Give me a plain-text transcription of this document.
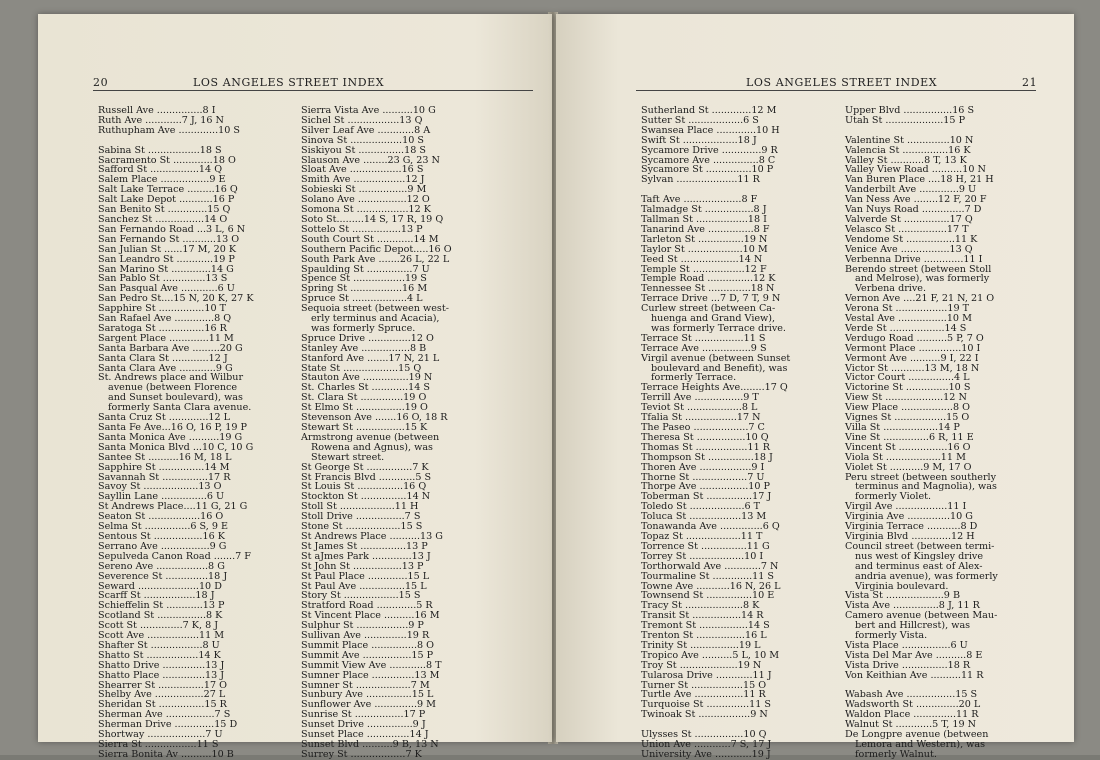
20	LOS ANGELES STREET INDEX
Russell Ave ...............8 I
Ruth Ave ............7 J, 16 N
Ruthupham Ave .............10 S
Sabina St .................18 S
Sacramento St .............18 O
Safford St ................14 Q
Salem Place ................9 E
Salt Lake Terrace .........16 Q
Salt Lake Depot ...........16 P
San Benito St .............15 Q
Sanchez St ................14 O
San Fernando Road ...3 L, 6 N
San Fernando St ...........13 O
San Julian St ......17 M, 20 K
San Leandro St ............19 P
San Marino St .............14 G
San Pablo St ..............13 S
San Pasqual Ave ............6 U
San Pedro St....15 N, 20 K, 27 K
Sapphire St ...............10 T
San Rafael Ave .............8 Q
Saratoga St ...............16 R
Sargent Place .............11 M
Santa Barbara Ave .........20 G
Santa Clara St ............12 J
Santa Clara Ave ............9 G
St. Andrews place and Wilbur
avenue (between Florence
and Sunset boulevard), was
formerly Santa Clara avenue.
Santa Cruz St .............12 L
Santa Fe Ave...16 O, 16 P, 19 P
Santa Monica Ave ..........19 G
Santa Monica Blvd ...10 C, 10 G
Santee St ..........16 M, 18 L
Sapphire St ...............14 M
Savannah St ...............17 R
Savoy St ..................13 O
Sayllin Lane ...............6 U
St Andrews Place....11 G, 21 G
Seaton St .................16 O
Selma St ...............6 S, 9 E
Sentous St ................16 K
Serrano Ave ................9 G
Sepulveda Canon Road .......7 F
Sereno Ave .................8 G
Severence St ..............18 J
Seward ....................10 D
Scarff St .................18 J
Schieffelin St ............13 P
Scotland St ................8 K
Scott St ..............7 K, 8 J
Scott Ave .................11 M
Shafter St .................8 U
Shatto St .................14 K
Shatto Drive ..............13 J
Shatto Place ..............13 J
Shearrer St ...............17 O
Shelby Ave ................27 L
Sheridan St ...............15 R
Sherman Ave ................7 S
Sherman Drive .............15 D
Shortway ...................7 U
Sierra St .................11 S
Sierra Bonita Av ..........10 B
Sierra Vista Ave ..........10 G
Sichel St .................13 Q
Silver Leaf Ave ............8 A
Sinova St .................10 S
Siskiyou St ...............18 S
Slauson Ave ........23 G, 23 N
Sloat Ave .................16 S
Smith Ave .................12 J
Sobieski St ................9 M
Solano Ave ................12 O
Somona St .................12 K
Soto St.........14 S, 17 R, 19 Q
Sottelo St ................13 P
South Court St ............14 M
Southern Pacific Depot.....16 O
South Park Ave .......26 L, 22 L
Spaulding St ...............7 U
Spence St .................19 S
Spring St .................16 M
Spruce St ..................4 L
Sequoia street (between west-
erly terminus and Acacia),
was formerly Spruce.
Spruce Drive ..............12 O
Stanley Ave ................8 B
Stanford Ave .......17 N, 21 L
State St ..................15 Q
Stauton Ave ...............19 N
St. Charles St ............14 S
St. Clara St ..............19 O
St Elmo St ................19 O
Stevenson Ave .......16 O, 18 R
Stewart St ................15 K
Armstrong avenue (between
Rowena and Agnus), was
Stewart street.
St George St ...............7 K
St Francis Blvd ............5 S
St Louis St ...............16 Q
Stockton St ...............14 N
Stoll St ..................11 H
Stoll Drive ................7 S
Stone St ..................15 S
St Andrews Place ..........13 G
St James St ...............13 P
St aJmes Park .............13 J
St John St ................13 P
St Paul Place .............15 L
St Paul Ave ...............15 L
Story St ..................15 S
Stratford Road .............5 R
St Vincent Place ..........16 M
Sulphur St .................9 P
Sullivan Ave ..............19 R
Summit Place ...............8 O
Summit Ave ................15 P
Summit View Ave ............8 T
Sumner Place ..............13 M
Sumner St ..................7 M
Sunbury Ave ...............15 L
Sunflower Ave ..............9 M
Sunrise St ................17 P
Sunset Drive ...............9 J
Sunset Place ..............14 J
Sunset Blvd ..........9 B, 13 N
Surrey St ..................7 K
LOS ANGELES STREET INDEX	21
Sutherland St .............12 M
Sutter St ..................6 S
Swansea Place .............10 H
Swift St ..................18 J
Sycamore Drive .............9 R
Sycamore Ave ...............8 C
Sycamore St ...............10 P
Sylvan ....................11 R
Taft Ave ...................8 F
Talmadge St ................8 J
Tallman St .................18 I
Tanarind Ave ...............8 F
Tarleton St ...............19 N
Taylor St ..................10 M
Teed St ...................14 N
Temple St .................12 F
Temple Road ...............12 K
Tennessee St ..............18 N
Terrace Drive ...7 D, 7 T, 9 N
Curlew street (between Ca-
huenga and Grand View),
was formerly Terrace drive.
Terrace St ................11 S
Terrace Ave ................9 S
Virgil avenue (between Sunset
boulevard and Benefit), was
formerly Terrace.
Terrace Heights Ave........17 Q
Terrill Ave ................9 T
Teviot St ..................8 L
Tfalia St .................17 N
The Paseo ..................7 C
Theresa St ................10 Q
Thomas St .................11 R
Thompson St ...............18 J
Thoren Ave .................9 I
Thorne St ..................7 U
Thorpe Ave ................10 P
Toberman St ...............17 J
Toledo St ..................6 T
Toluca St .................13 M
Tonawanda Ave ..............6 Q
Topaz St ..................11 T
Torrence St ...............11 G
Torrey St ..................10 I
Torthorwald Ave ............7 N
Tourmaline St .............11 S
Towne Ave ...........16 N, 26 L
Townsend St ...............10 E
Tracy St ...................8 K
Transit St ................14 R
Tremont St ................14 S
Trenton St ................16 L
Trinity St ................19 L
Tropico Ave ..........5 L, 10 M
Troy St ...................19 N
Tularosa Drive ............11 J
Turner St .................15 O
Turtle Ave ................11 R
Turquoise St ..............11 S
Twinoak St .................9 N
Ulysses St ................10 Q
Union Ave ............7 S, 17 J
University Ave ............19 J
Upper Blvd ................16 S
Utah St ...................15 P
Valentine St ..............10 N
Valencia St ...............16 K
Valley St ...........8 T, 13 K
Valley View Road ..........10 N
Van Buren Place ....18 H, 21 H
Vanderbilt Ave .............9 U
Van Ness Ave ........12 F, 20 F
Van Nuys Road ..............7 D
Valverde St ...............17 Q
Velasco St ................17 T
Vendome St ................11 K
Venice Ave ................13 Q
Verbenna Drive .............11 I
Berendo street (between Stoll
and Melrose), was formerly
Verbena drive.
Vernon Ave ....21 F, 21 N, 21 O
Verona St .................19 T
Vestal Ave ................10 M
Verde St ..................14 S
Verdugo Road ..........5 P, 7 O
Vermont Place ..............10 I
Vermont Ave ..........9 I, 22 I
Victor St ...........13 M, 18 N
Victor Court ...............4 L
Victorine St ..............10 S
View St ...................12 N
View Place .................8 O
Vignes St .................15 O
Villa St ..................14 P
Vine St ...............6 R, 11 E
Vincent St ................16 O
Viola St ..................11 M
Violet St ...........9 M, 17 O
Peru street (between southerly
terminus and Magnolia), was
formerly Violet.
Virgil Ave .................11 I
Virginia Ave ..............10 G
Virginia Terrace ...........8 D
Virginia Blvd .............12 H
Council street (between termi-
nus west of Kingsley drive
and terminus east of Alex-
andria avenue), was formerly
Virginia boulevard.
Vista St ...................9 B
Vista Ave ...............8 J, 11 R
Camero avenue (between Mau-
bert and Hillcrest), was
formerly Vista.
Vista Place ................6 U
Vista Del Mar Ave ..........8 E
Vista Drive ...............18 R
Von Keithian Ave ..........11 R
Wabash Ave ................15 S
Wadsworth St ..............20 L
Waldon Place ..............11 R
Walnut St ............5 T, 19 N
De Longpre avenue (between
Lemora and Western), was
formerly Walnut.
